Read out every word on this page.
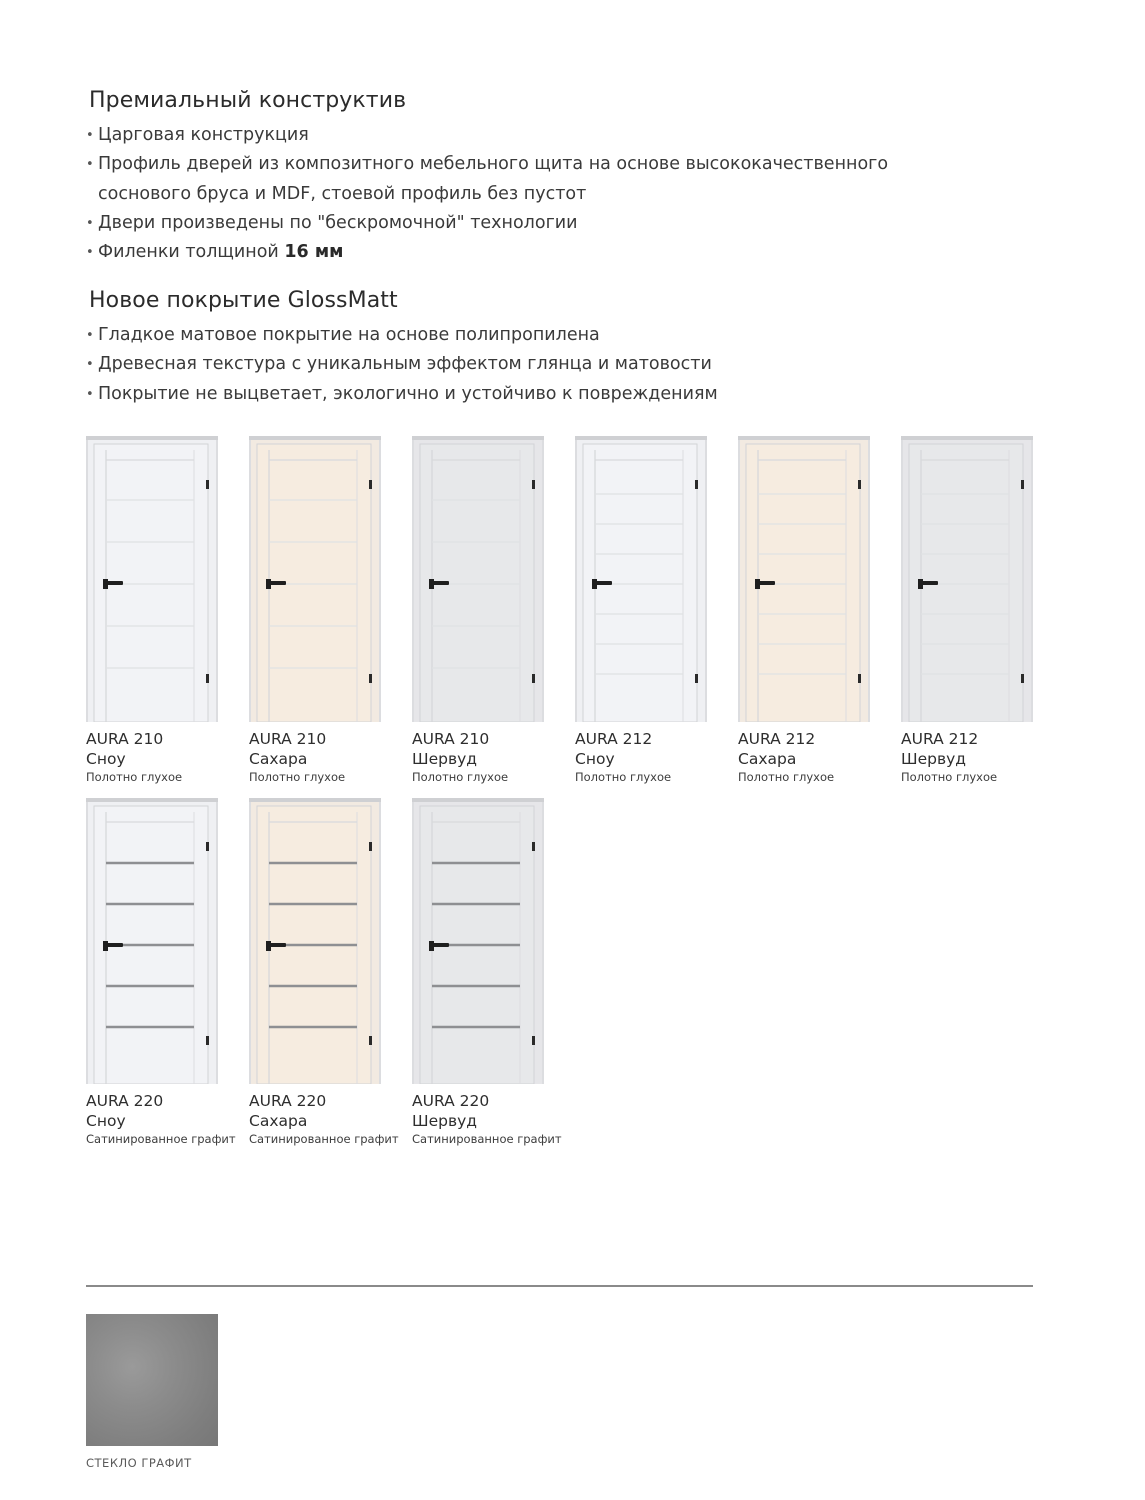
Премиальный конструктив
• Царговая конструкция
• Профиль дверей из композитного мебельного щита на основе высококачественного
соснового бруса и MDF, стоевой профиль без пустот
• Двери произведены по "бескромочной" технологии
• Филенки толщиной 16 мм
Новое покрытие GlossMatt
• Гладкое матовое покрытие на основе полипропилена
• Древесная текстура с уникальным эффектом глянца и матовости
• Покрытие не выцветает, экологично и устойчиво к повреждениям
AURA 210
Сноу
Полотно глухое
AURA 210
Сахара
Полотно глухое
AURA 210
Шервуд
Полотно глухое
AURA 212
Сноу
Полотно глухое
AURA 212
Сахара
Полотно глухое
AURA 212
Шервуд
Полотно глухое
AURA 220
Сноу
Сатинированное графит
AURA 220
Сахара
Сатинированное графит
AURA 220
Шервуд
Сатинированное графит
СТЕКЛО ГРАФИТ
